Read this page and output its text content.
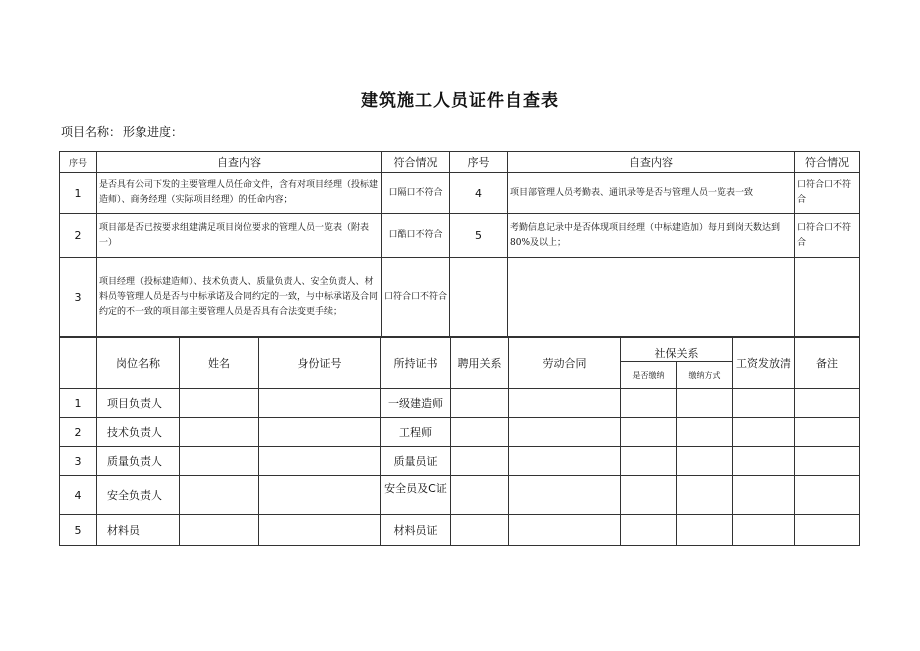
建筑施工人员证件自查表
项目名称： 形象进度：
序号	自查内容	符合情况	序号	自查内容	符合情况
1	是否具有公司下发的主要管理人员任命文件，含有对项目经理（投标建造师）、商务经理（实际项目经理）的任命内容；	口隔口不符合	4	项目部管理人员考勤表、通讯录等是否与管理人员一览表一致	口符合口不符合
2	项目部是否已按要求组建满足项目岗位要求的管理人员一览表（附表一）	口酷口不符合	5	考勤信息记录中是否体现项目经理（中标建造加）每月到岗天数达到80%及以上；	口符合口不符合
3	项目经理（投标建造师）、技术负责人、质量负责人、安全负责人、材料员等管理人员是否与中标承诺及合同约定的一致，与中标承诺及合同约定的不一致的项目部主要管理人员是否具有合法变更手续；	口符合口不符合			
	岗位名称	姓名	身份证号	所持证书	聘用关系	劳动合同	社保关系		工资发放清	备注
							是否缴纳	缴纳方式		
1	项目负责人			一级建造师						
2	技术负责人			工程师						
3	质量负责人			质量员证						
4	安全负责人			安全员及C证						
5	材料员			材料员证						
